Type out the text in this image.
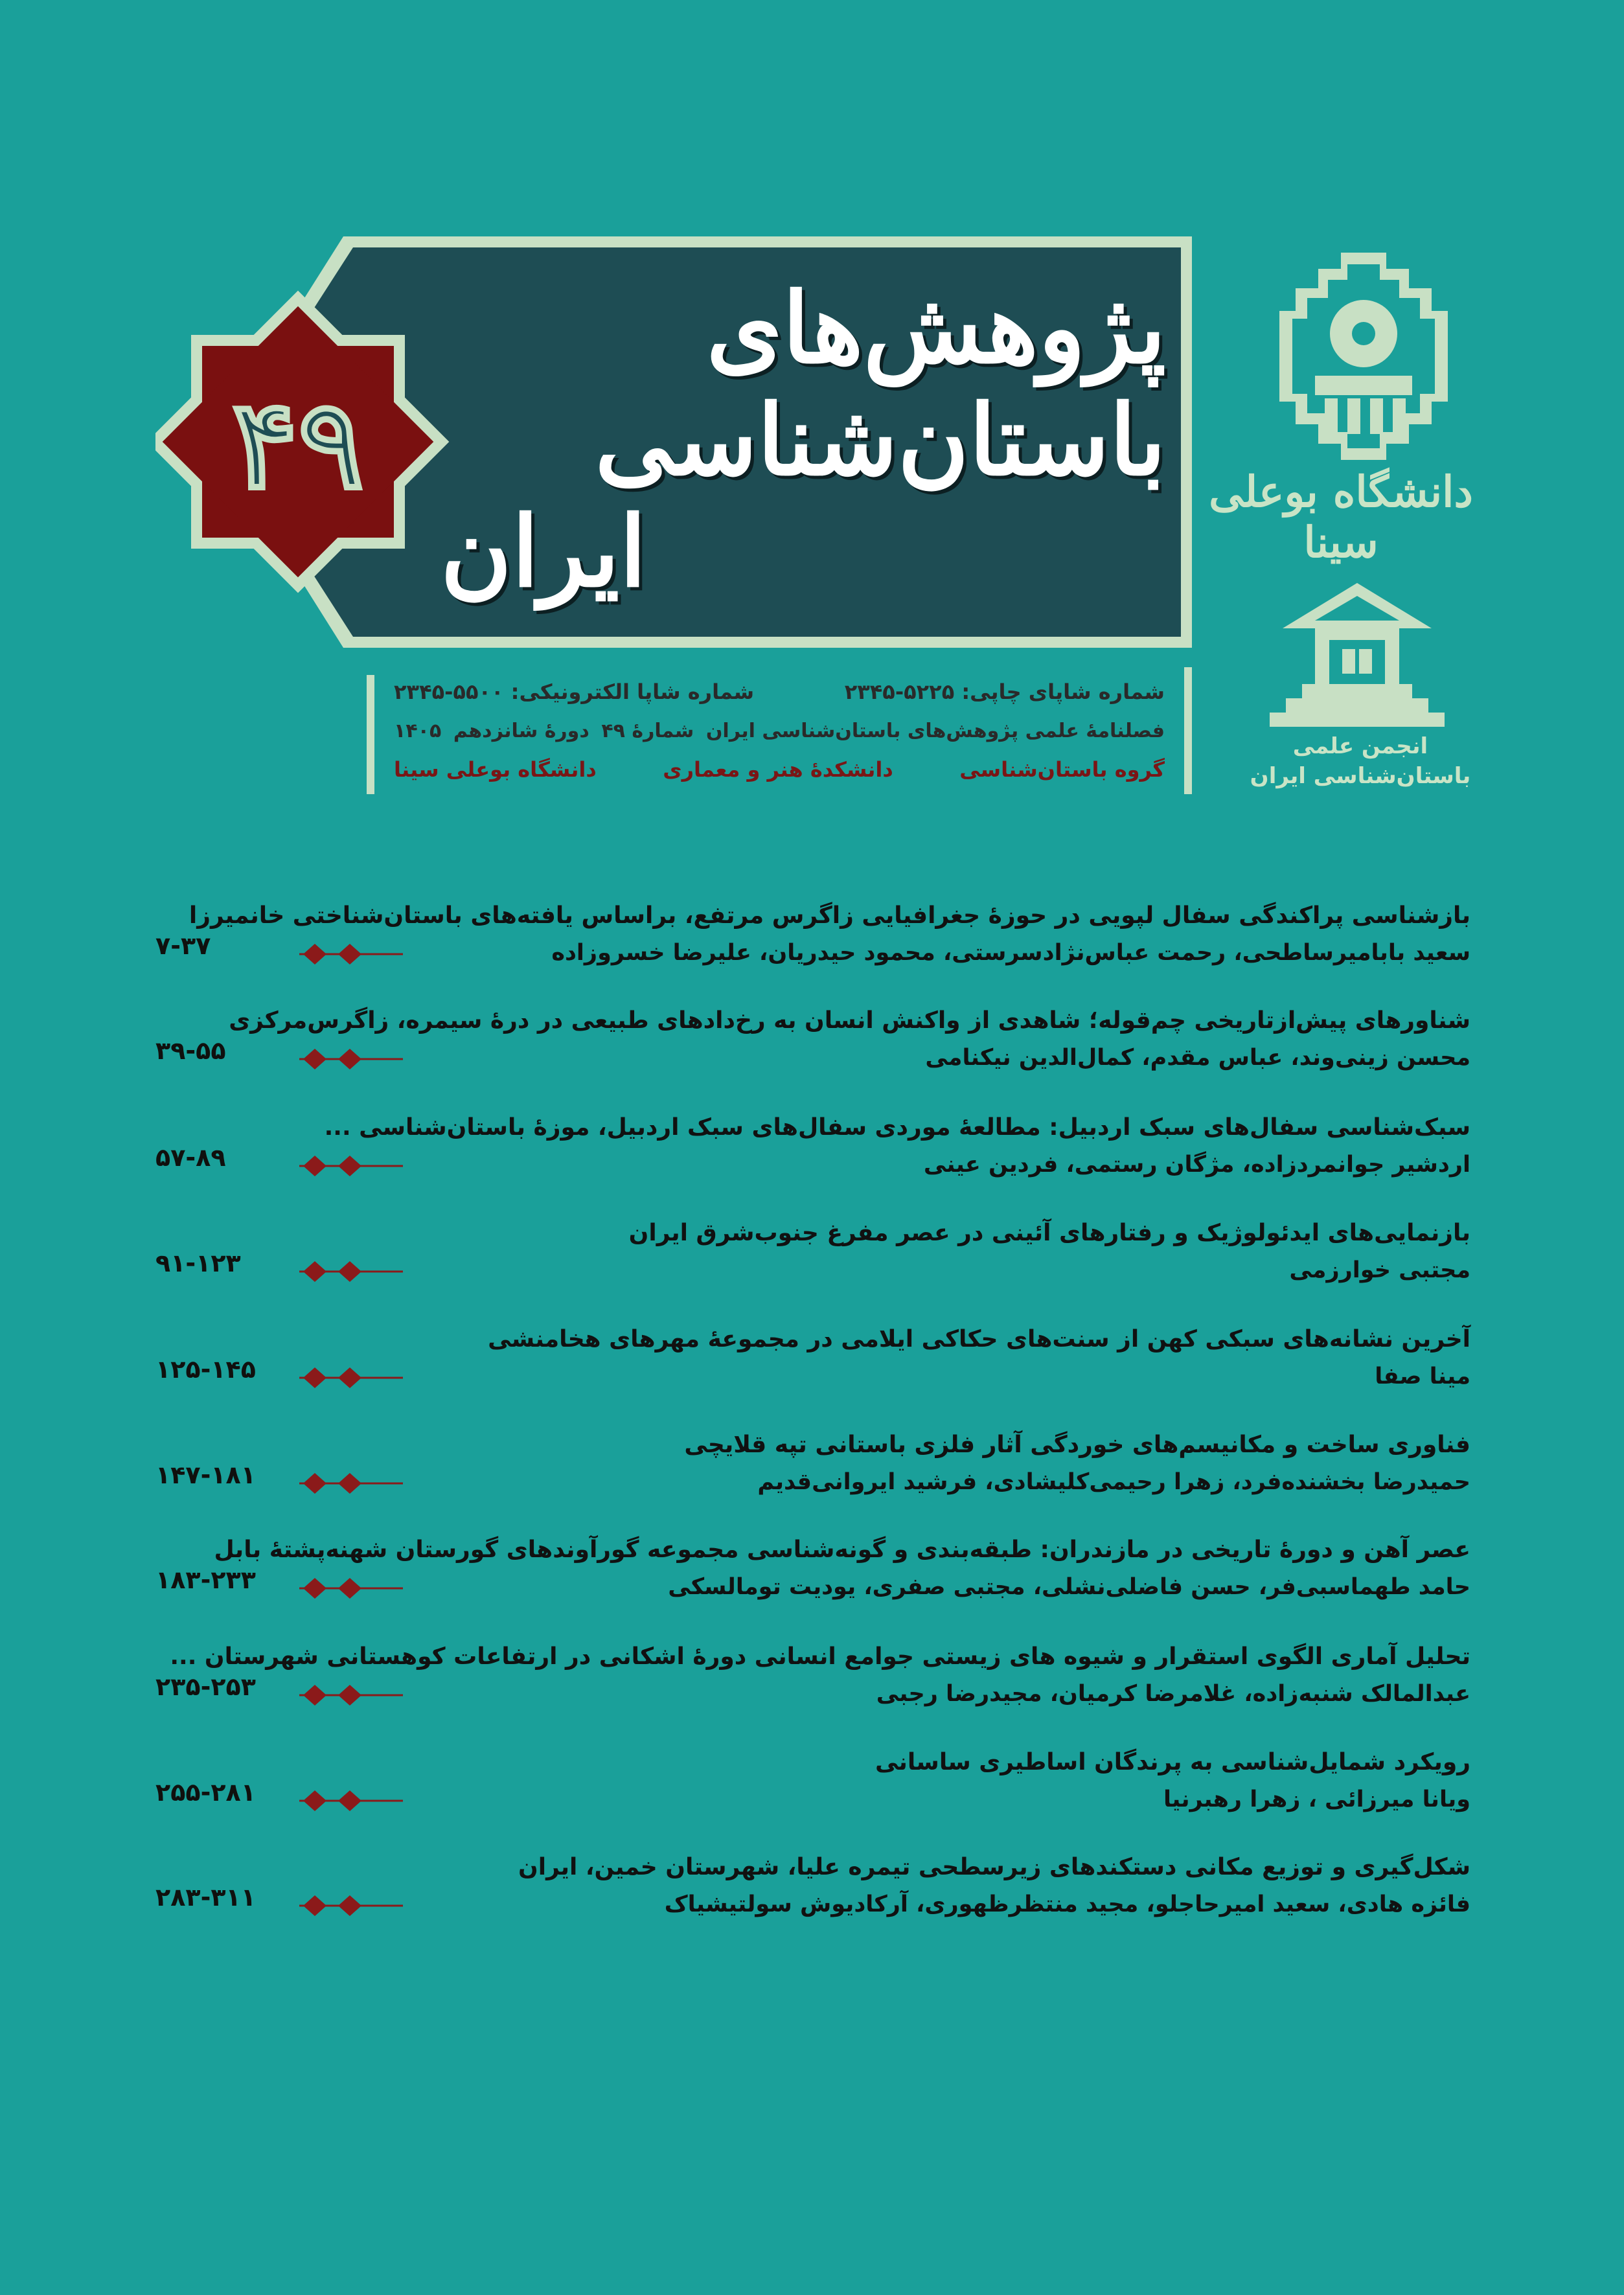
۴۹
پژوهش‌های باستان‌شناسی
ایران
شماره شاپای چاپی: ۵۲۲۵-۲۳۴۵
شماره شاپا الکترونیکی: ۵۵۰۰-۲۳۴۵
فصلنامۀ علمی پژوهش‌های باستان‌شناسی ایران
شمارۀ ۴۹
دورۀ شانزدهم
۱۴۰۵
گروه باستان‌شناسی
دانشکدۀ هنر و معماری
دانشگاه بوعلی سینا
دانشگاه بوعلی سینا
انجمن علمی
باستان‌شناسی ایران
بازشناسی پراکندگی سفال لپویی در حوزۀ جغرافیایی زاگرس مرتفع، براساس یافته‌های باستان‌شناختی خانمیرزا
سعید بابامیرساطحی، رحمت عباس‌نژادسرستی، محمود حیدریان، علیرضا خسروزاده
۷-۳۷
شناورهای پیش‌ازتاریخی چم‌قوله؛ شاهدی از واکنش انسان به رخ‌دادهای طبیعی در درۀ سیمره، زاگرس‌مرکزی
محسن زینی‌وند، عباس مقدم، کمال‌الدین نیکنامی
۳۹-۵۵
سبک‌شناسی سفال‌های سبک اردبیل: مطالعۀ موردی سفال‌های سبک اردبیل، موزۀ باستان‌شناسی ...
اردشیر جوانمردزاده، مژگان رستمی، فردین عینی
۵۷-۸۹
بازنمایی‌های ایدئولوژیک و رفتارهای آئینی در عصر مفرغ جنوب‌شرق ایران
مجتبی خوارزمی
۹۱-۱۲۳
آخرین نشانه‌های سبکی کهن از سنت‌های حکاکی ایلامی در مجموعۀ مهرهای هخامنشی
مینا صفا
۱۲۵-۱۴۵
فناوری ساخت و مکانیسم‌های خوردگی آثار فلزی باستانی تپه قلایچی
حمیدرضا بخشنده‌فرد، زهرا رحیمی‌کلیشادی، فرشید ایروانی‌قدیم
۱۴۷-۱۸۱
عصر آهن و دورۀ تاریخی در مازندران: طبقه‌بندی و گونه‌شناسی مجموعه گورآوندهای گورستان شهنه‌پشتۀ بابل
حامد طهماسبی‌فر، حسن فاضلی‌نشلی، مجتبی صفری، یودیت تومالسکی
۱۸۳-۲۳۳
تحلیل آماری الگوی استقرار و شیوه های زیستی جوامع انسانی دورۀ اشکانی در ارتفاعات کوهستانی شهرستان ...
عبدالمالک شنبه‌زاده، غلامرضا کرمیان، مجیدرضا رجبی
۲۳۵-۲۵۳
رویکرد شمایل‌شناسی به پرندگان اساطیری ساسانی
ویانا میرزائی ، زهرا رهبرنیا
۲۵۵-۲۸۱
شکل‌گیری و توزیع مکانی دستکندهای زیرسطحی تیمره علیا، شهرستان خمین، ایران
فائزه هادی، سعید امیرحاجلو، مجید منتظرظهوری، آرکادیوش سولتیشیاک
۲۸۳-۳۱۱
